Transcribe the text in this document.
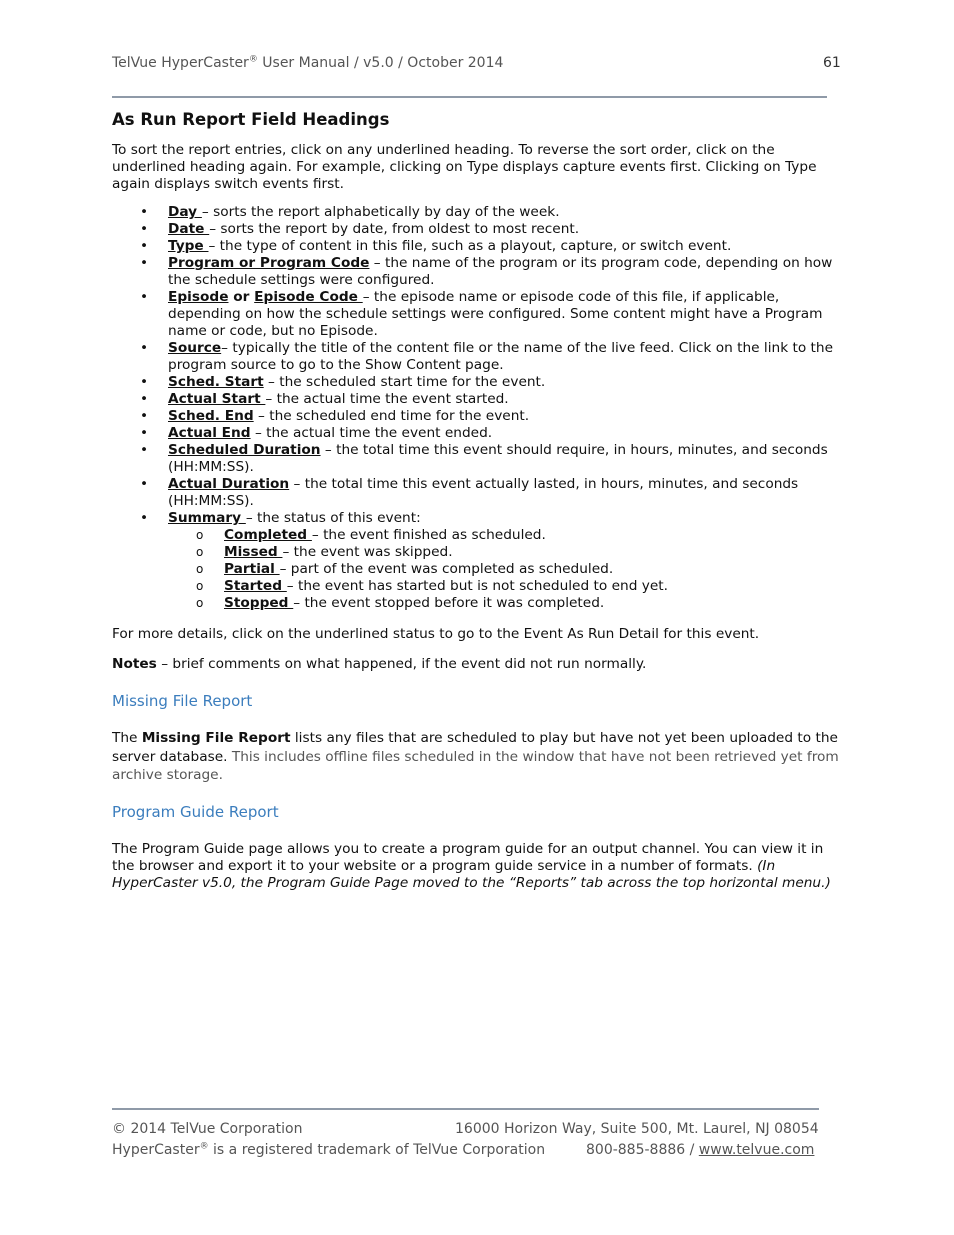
TelVue HyperCaster® User Manual / v5.0 / October 2014	61
As Run Report Field Headings
To sort the report entries, click on any underlined heading. To reverse the sort order, click on the underlined heading again. For example, clicking on Type displays capture events first. Clicking on Type again displays switch events first.
• Day – sorts the report alphabetically by day of the week.
• Date – sorts the report by date, from oldest to most recent.
• Type – the type of content in this file, such as a playout, capture, or switch event.
• Program or Program Code – the name of the program or its program code, depending on how the schedule settings were configured.
• Episode or Episode Code – the episode name or episode code of this file, if applicable, depending on how the schedule settings were configured. Some content might have a Program name or code, but no Episode.
• Source– typically the title of the content file or the name of the live feed. Click on the link to the program source to go to the Show Content page.
• Sched. Start – the scheduled start time for the event.
• Actual Start – the actual time the event started.
• Sched. End – the scheduled end time for the event.
• Actual End – the actual time the event ended.
• Scheduled Duration – the total time this event should require, in hours, minutes, and seconds (HH:MM:SS).
• Actual Duration – the total time this event actually lasted, in hours, minutes, and seconds (HH:MM:SS).
• Summary – the status of this event:
o Completed – the event finished as scheduled.
o Missed – the event was skipped.
o Partial – part of the event was completed as scheduled.
o Started – the event has started but is not scheduled to end yet.
o Stopped – the event stopped before it was completed.
For more details, click on the underlined status to go to the Event As Run Detail for this event.
Notes – brief comments on what happened, if the event did not run normally.
Missing File Report
The Missing File Report lists any files that are scheduled to play but have not yet been uploaded to the server database. This includes offline files scheduled in the window that have not been retrieved yet from archive storage.
Program Guide Report
The Program Guide page allows you to create a program guide for an output channel. You can view it in the browser and export it to your website or a program guide service in a number of formats. (In HyperCaster v5.0, the Program Guide Page moved to the “Reports” tab across the top horizontal menu.)
© 2014 TelVue Corporation	16000 Horizon Way, Suite 500, Mt. Laurel, NJ 08054
HyperCaster® is a registered trademark of TelVue Corporation	800-885-8886 / www.telvue.com
